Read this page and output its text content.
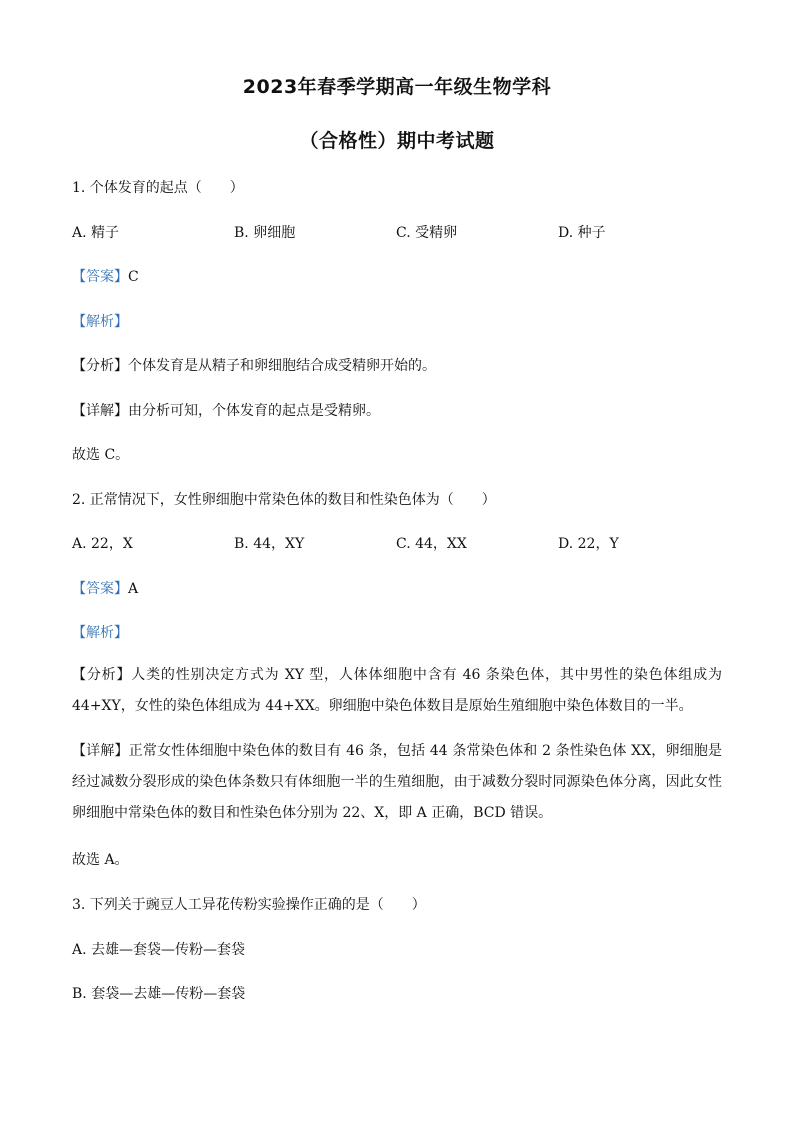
2023年春季学期高一年级生物学科
（合格性）期中考试题
1. 个体发育的起点（　　）
A. 精子	B. 卵细胞	C. 受精卵	D. 种子
【答案】C
【解析】
【分析】个体发育是从精子和卵细胞结合成受精卵开始的。
【详解】由分析可知，个体发育的起点是受精卵。
故选 C。
2. 正常情况下，女性卵细胞中常染色体的数目和性染色体为（　　）
A. 22，X	B. 44，XY	C. 44，XX	D. 22，Y
【答案】A
【解析】
【分析】人类的性别决定方式为 XY 型，人体体细胞中含有 46 条染色体，其中男性的染色体组成为 44+XY，女性的染色体组成为 44+XX。卵细胞中染色体数目是原始生殖细胞中染色体数目的一半。
【详解】正常女性体细胞中染色体的数目有 46 条，包括 44 条常染色体和 2 条性染色体 XX，卵细胞是经过减数分裂形成的染色体条数只有体细胞一半的生殖细胞，由于减数分裂时同源染色体分离，因此女性卵细胞中常染色体的数目和性染色体分别为 22、X，即 A 正确，BCD 错误。
故选 A。
3. 下列关于豌豆人工异花传粉实验操作正确的是（　　）
A. 去雄—套袋—传粉—套袋
B. 套袋—去雄—传粉—套袋
